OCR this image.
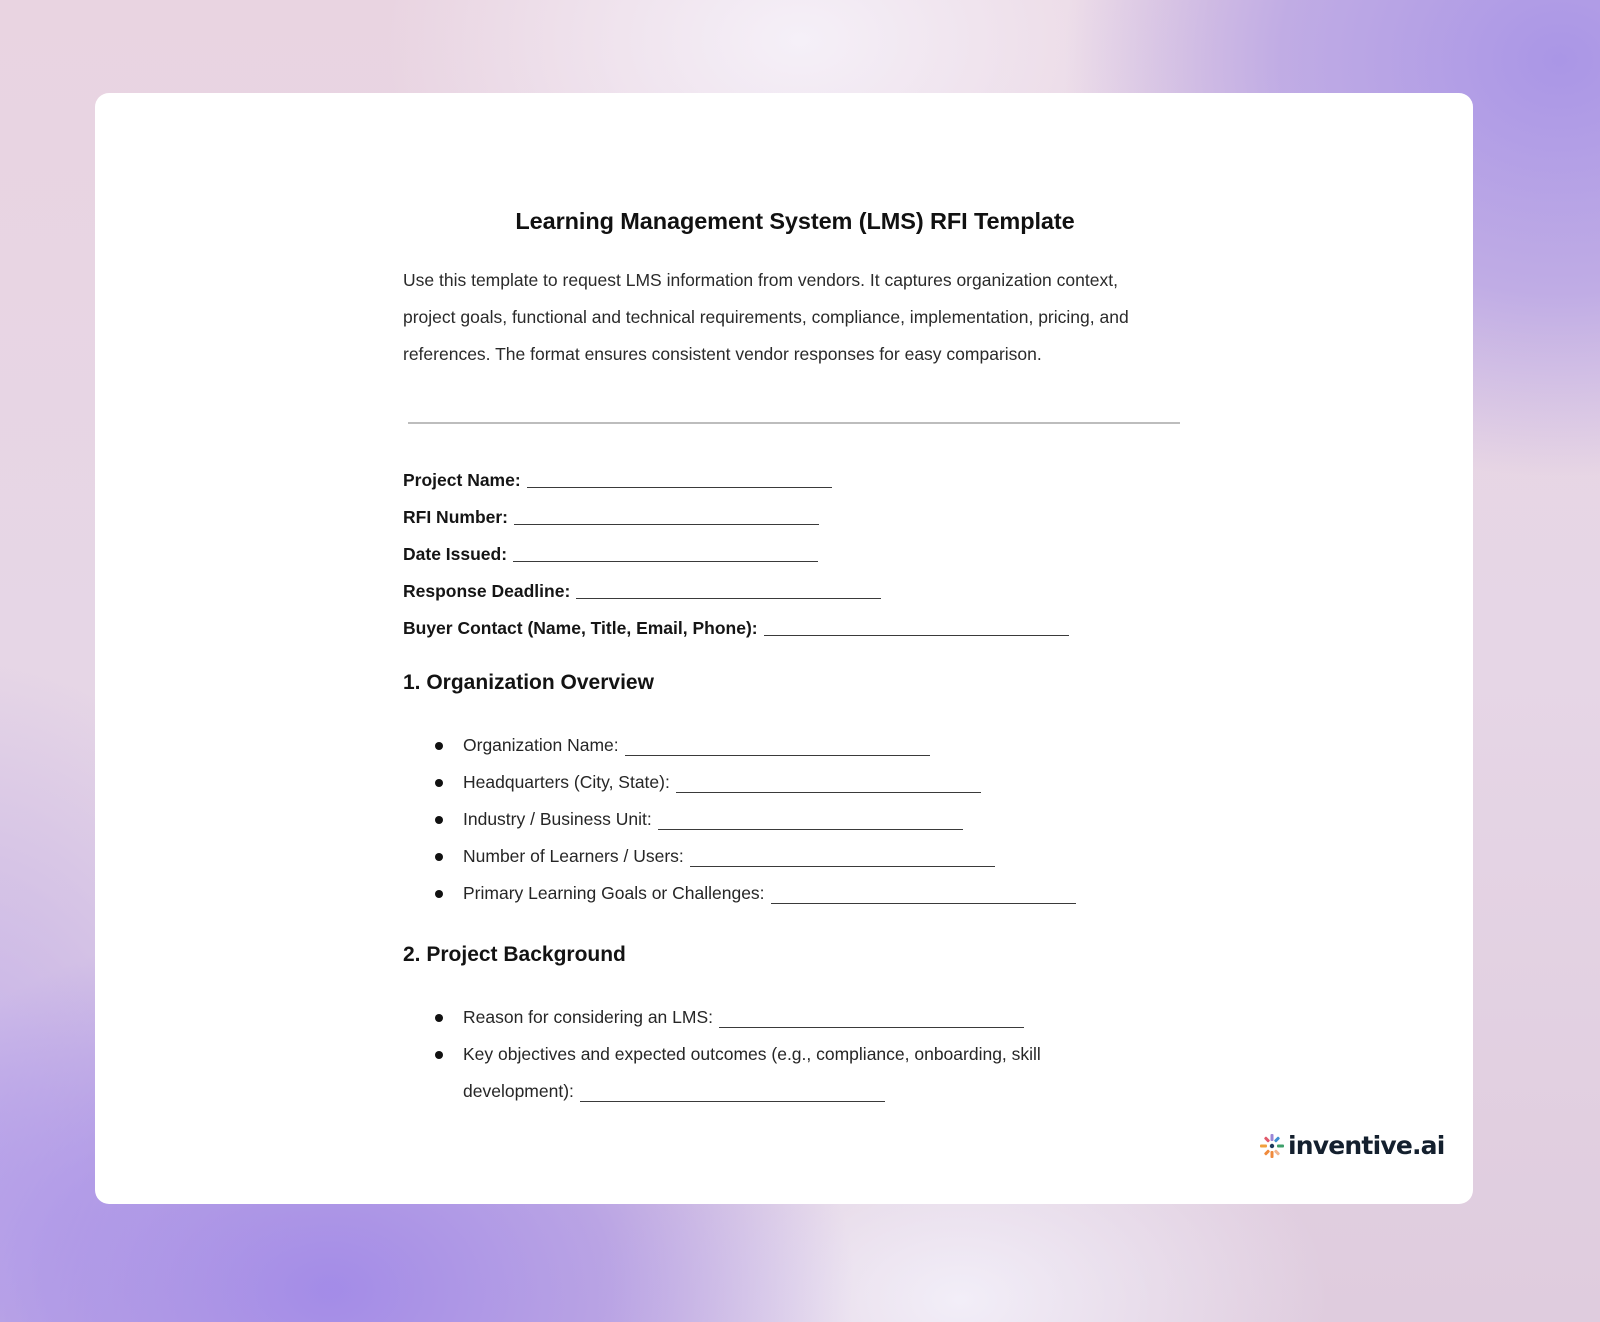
Learning Management System (LMS) RFI Template

Use this template to request LMS information from vendors. It captures organization context, project goals, functional and technical requirements, compliance, implementation, pricing, and references. The format ensures consistent vendor responses for easy comparison.

Project Name:
RFI Number:
Date Issued:
Response Deadline:
Buyer Contact (Name, Title, Email, Phone):
1. Organization Overview
Organization Name:
Headquarters (City, State):
Industry / Business Unit:
Number of Learners / Users:
Primary Learning Goals or Challenges:
2. Project Background
Reason for considering an LMS:
Key objectives and expected outcomes (e.g., compliance, onboarding, skill development):
inventive.ai
